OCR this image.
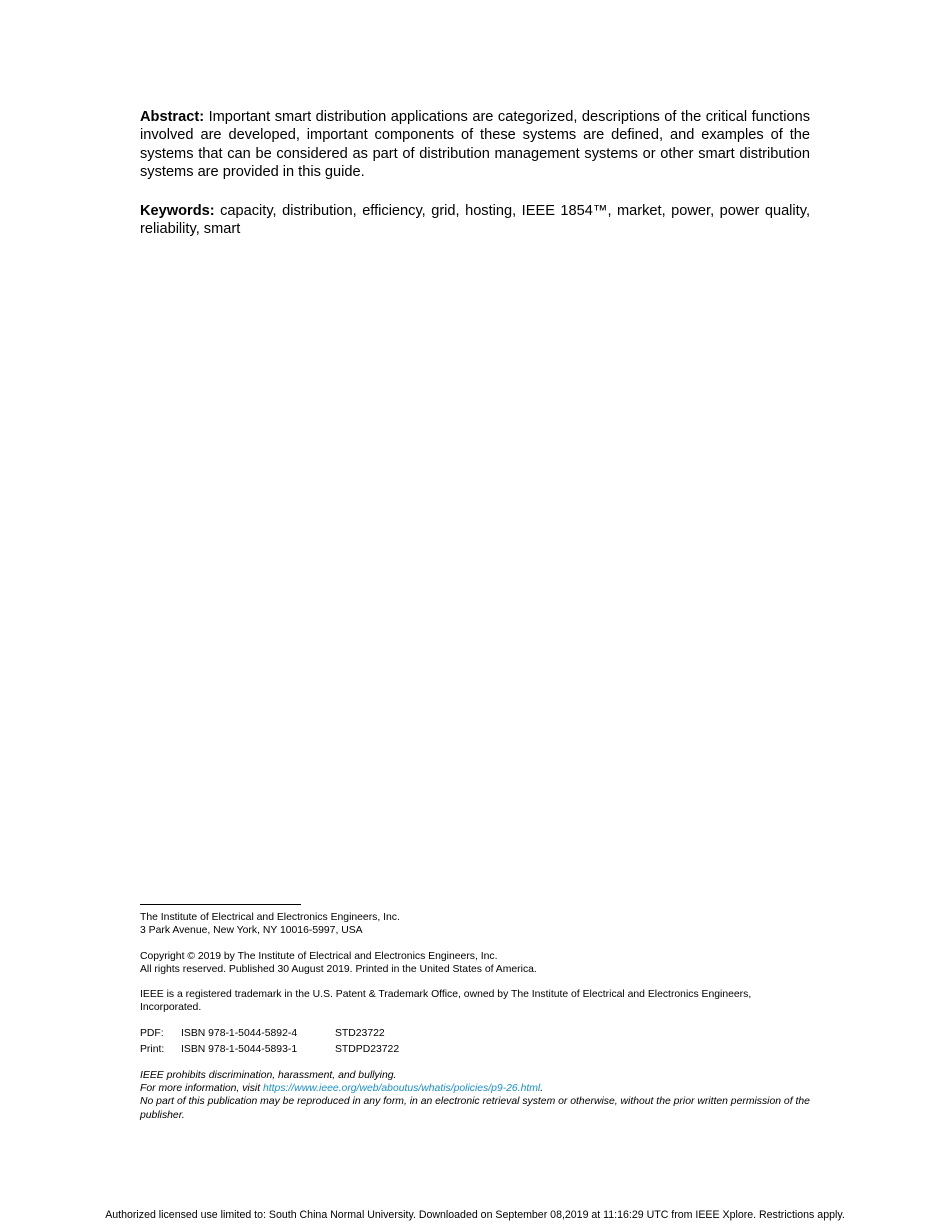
Abstract: Important smart distribution applications are categorized, descriptions of the critical functions involved are developed, important components of these systems are defined, and examples of the systems that can be considered as part of distribution management systems or other smart distribution systems are provided in this guide.

Keywords: capacity, distribution, efficiency, grid, hosting, IEEE 1854™, market, power, power quality, reliability, smart

The Institute of Electrical and Electronics Engineers, Inc.
3 Park Avenue, New York, NY 10016-5997, USA

Copyright © 2019 by The Institute of Electrical and Electronics Engineers, Inc.
All rights reserved. Published 30 August 2019. Printed in the United States of America.

IEEE is a registered trademark in the U.S. Patent & Trademark Office, owned by The Institute of Electrical and Electronics Engineers, Incorporated.

PDF: ISBN 978-1-5044-5892-4	STD23722
Print: ISBN 978-1-5044-5893-1	STDPD23722

IEEE prohibits discrimination, harassment, and bullying.
For more information, visit https://www.ieee.org/web/aboutus/whatis/policies/p9-26.html.
No part of this publication may be reproduced in any form, in an electronic retrieval system or otherwise, without the prior written permission of the publisher.

Authorized licensed use limited to: South China Normal University. Downloaded on September 08,2019 at 11:16:29 UTC from IEEE Xplore. Restrictions apply.
